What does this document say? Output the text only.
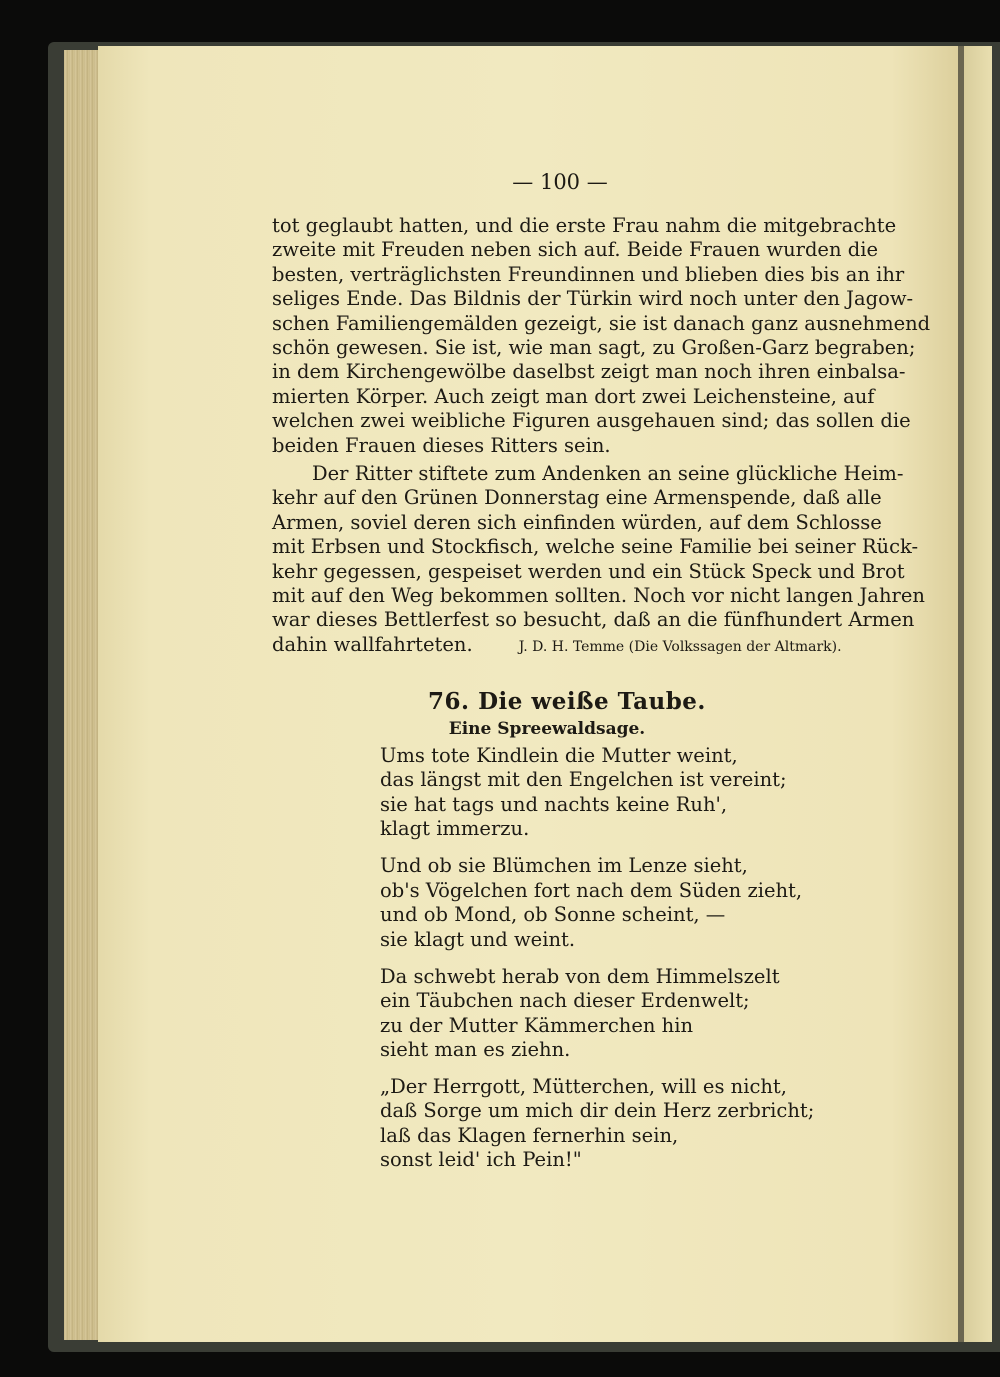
— 100 —
tot geglaubt hatten, und die erste Frau nahm die mitgebrachte
zweite mit Freuden neben sich auf. Beide Frauen wurden die
besten, verträglichsten Freundinnen und blieben dies bis an ihr
seliges Ende. Das Bildnis der Türkin wird noch unter den Jagow-
schen Familiengemälden gezeigt, sie ist danach ganz ausnehmend
schön gewesen. Sie ist, wie man sagt, zu Großen-Garz begraben;
in dem Kirchengewölbe daselbst zeigt man noch ihren einbalsa-
mierten Körper. Auch zeigt man dort zwei Leichensteine, auf
welchen zwei weibliche Figuren ausgehauen sind; das sollen die
beiden Frauen dieses Ritters sein.
Der Ritter stiftete zum Andenken an seine glückliche Heim-
kehr auf den Grünen Donnerstag eine Armenspende, daß alle
Armen, soviel deren sich einfinden würden, auf dem Schlosse
mit Erbsen und Stockfisch, welche seine Familie bei seiner Rück-
kehr gegessen, gespeiset werden und ein Stück Speck und Brot
mit auf den Weg bekommen sollten. Noch vor nicht langen Jahren
war dieses Bettlerfest so besucht, daß an die fünfhundert Armen
dahin wallfahrteten.	J. D. H. Temme (Die Volkssagen der Altmark).
76. Die weiße Taube.
Eine Spreewaldsage.
Ums tote Kindlein die Mutter weint,
das längst mit den Engelchen ist vereint;
sie hat tags und nachts keine Ruh',
klagt immerzu.
Und ob sie Blümchen im Lenze sieht,
ob's Vögelchen fort nach dem Süden zieht,
und ob Mond, ob Sonne scheint, —
sie klagt und weint.
Da schwebt herab von dem Himmelszelt
ein Täubchen nach dieser Erdenwelt;
zu der Mutter Kämmerchen hin
sieht man es ziehn.
„Der Herrgott, Mütterchen, will es nicht,
daß Sorge um mich dir dein Herz zerbricht;
laß das Klagen fernerhin sein,
sonst leid' ich Pein!"
